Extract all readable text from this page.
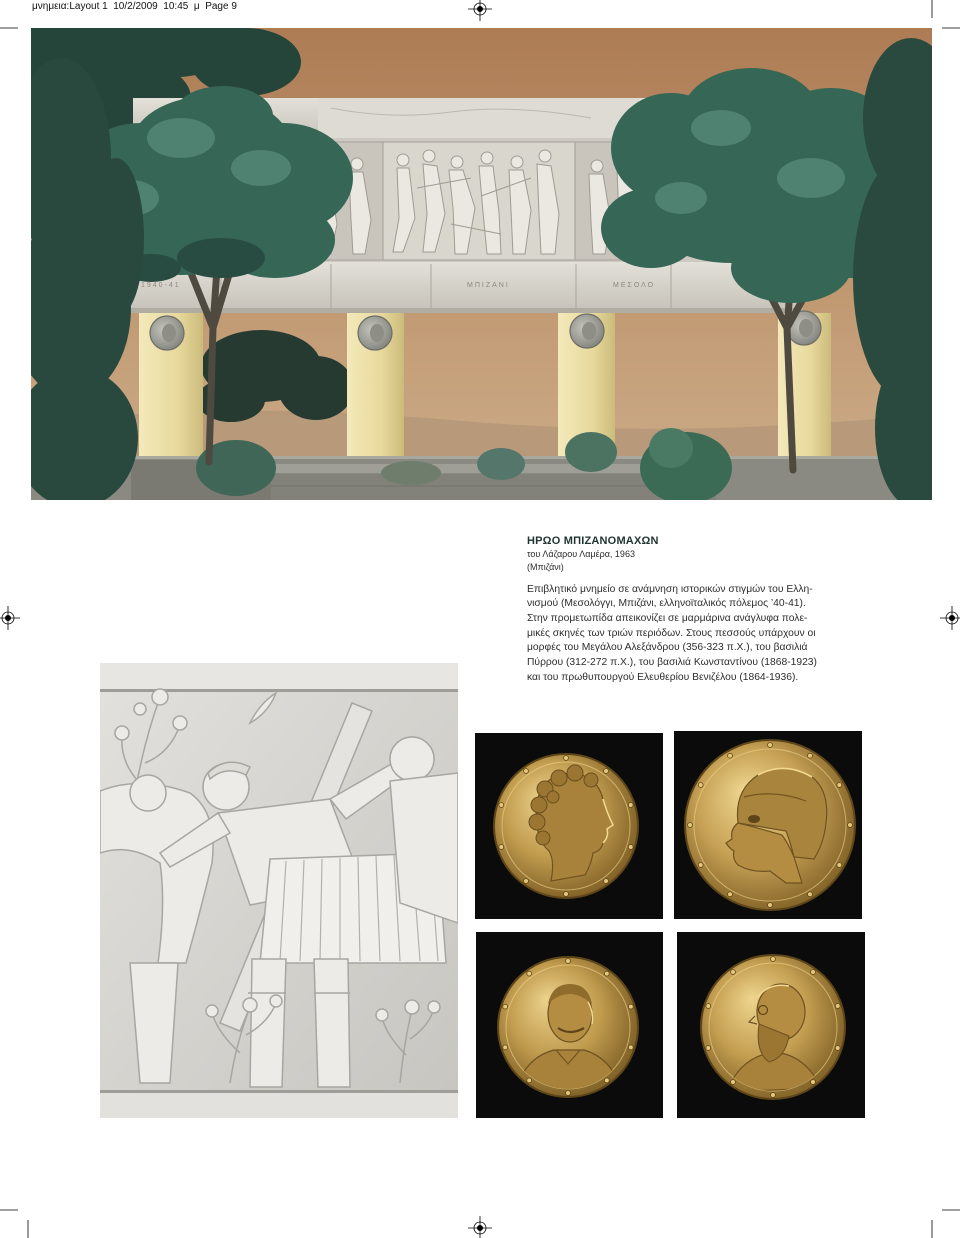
μνημεια:Layout 1  10/2/2009  10:45  μ  Page 9
1940-41	ΜΠΙΖΑΝΙ	ΜΕΣΟΛΟ
ΗΡΩΟ ΜΠΙΖΑΝΟΜΑΧΩΝ
του Λάζαρου Λαμέρα, 1963
(Μπιζάνι)
Επιβλητικό μνημείο σε ανάμνηση ιστορικών στιγμών του Ελλη-
νισμού (Μεσολόγγι, Μπιζάνι, ελληνοϊταλικός πόλεμος ’40-41).
Στην προμετωπίδα απεικονίζει σε μαρμάρινα ανάγλυφα πολε-
μικές σκηνές των τριών περιόδων. Στους πεσσούς υπάρχουν οι
μορφές του Μεγάλου Αλεξάνδρου (356-323 π.Χ.), του βασιλιά
Πύρρου (312-272 π.Χ.), του βασιλιά Κωνσταντίνου (1868-1923)
και του πρωθυπουργού Ελευθερίου Βενιζέλου (1864-1936).
